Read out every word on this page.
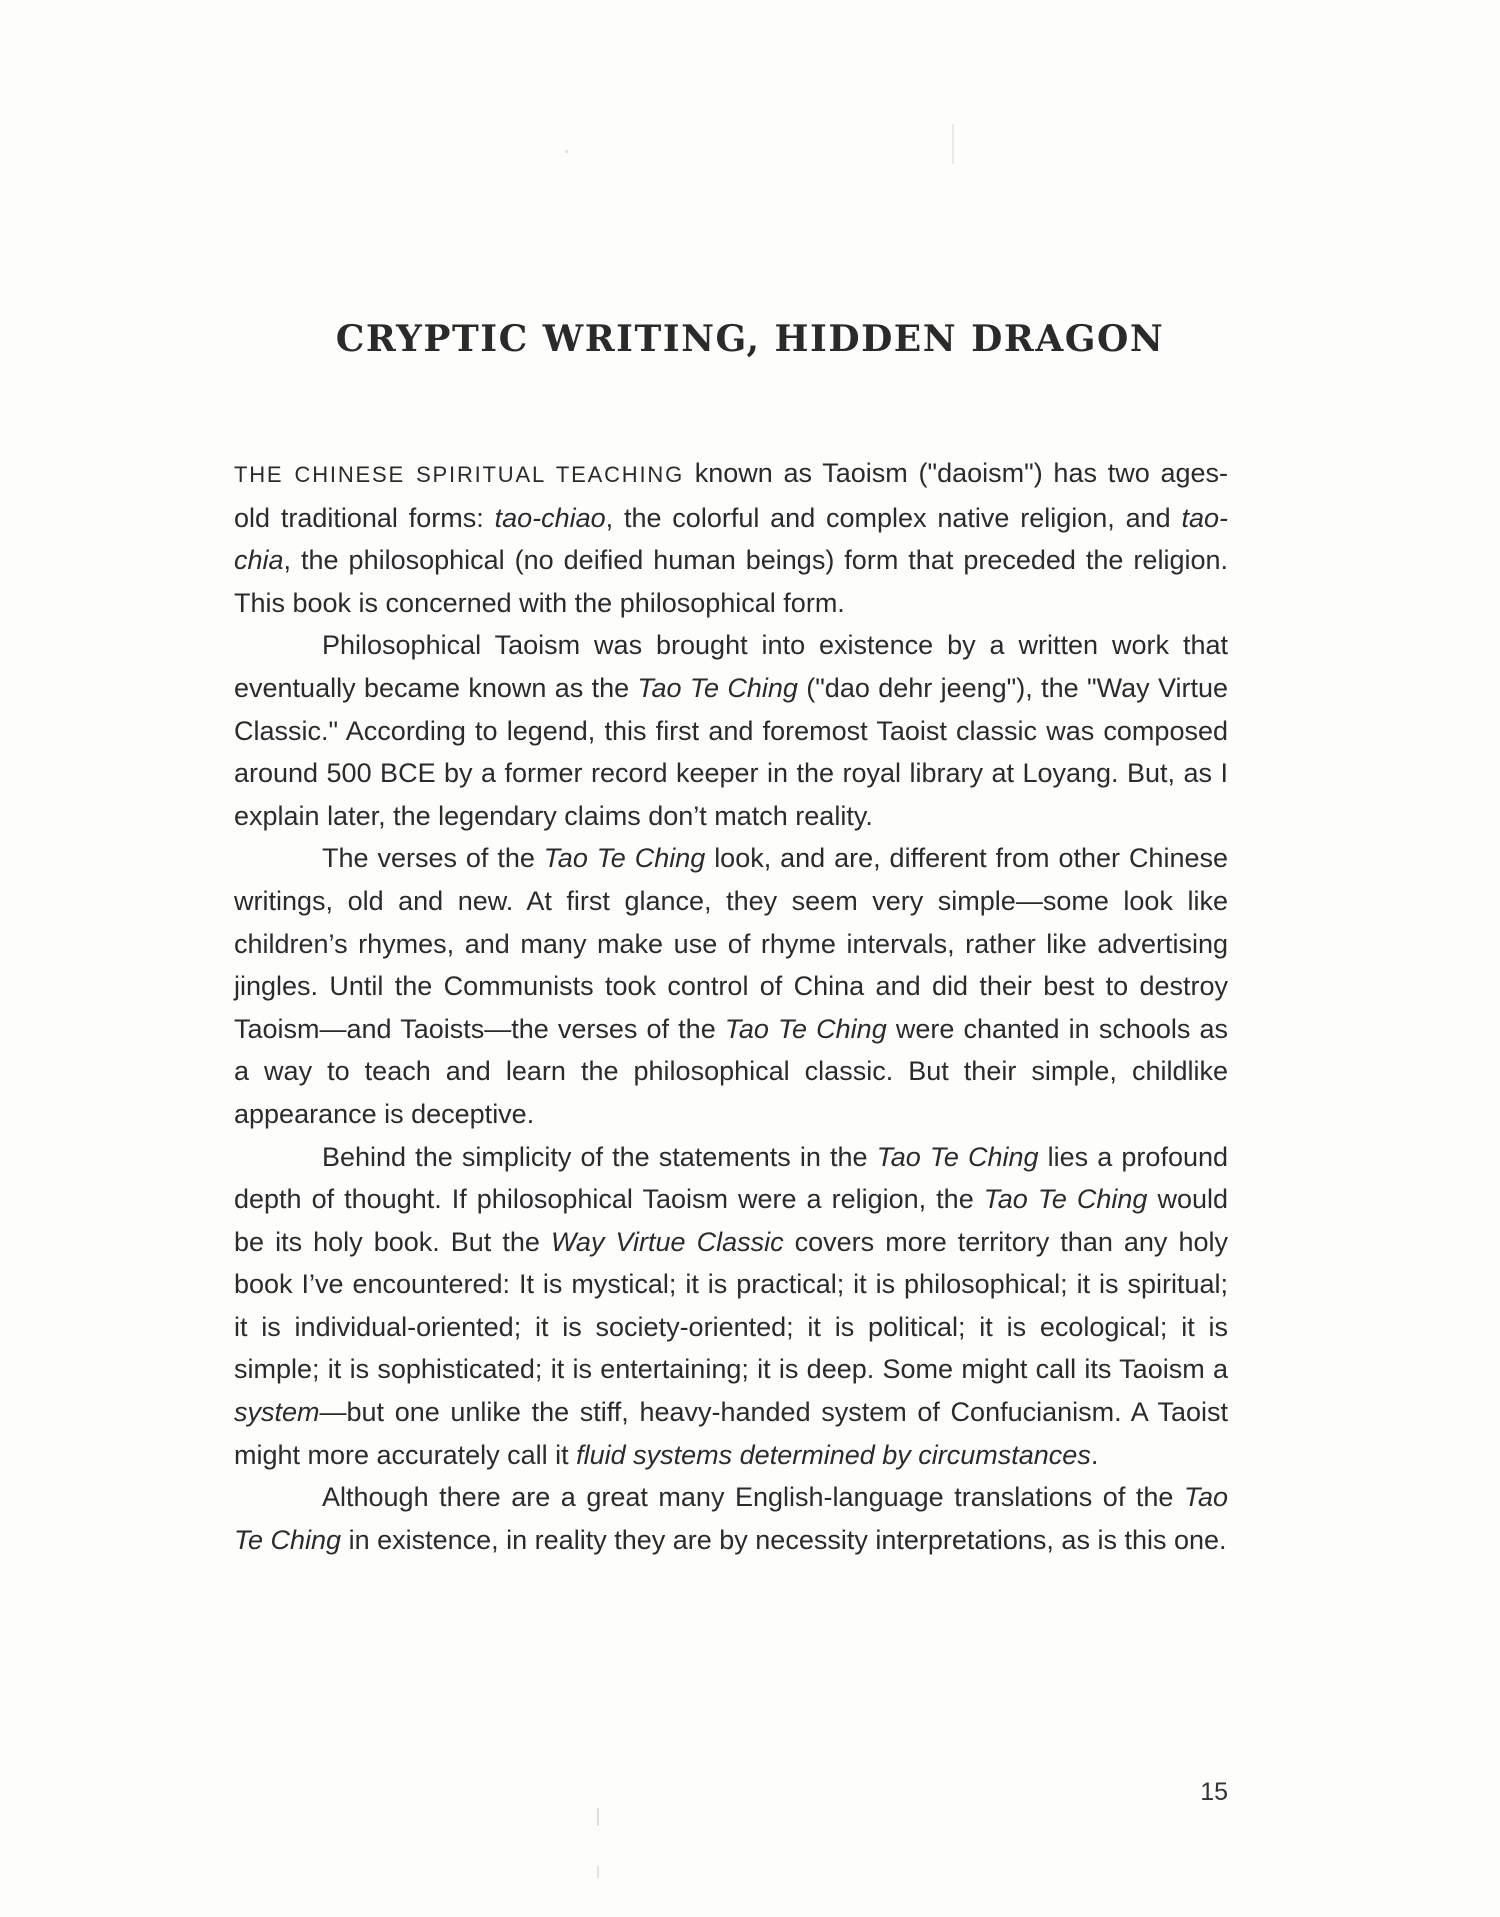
CRYPTIC WRITING, HIDDEN DRAGON

THE CHINESE SPIRITUAL TEACHING known as Taoism ("daoism") has two ages-old traditional forms: tao-chiao, the colorful and complex native religion, and tao-chia, the philosophical (no deified human beings) form that preceded the religion. This book is concerned with the philosophical form.

Philosophical Taoism was brought into existence by a written work that eventually became known as the Tao Te Ching ("dao dehr jeeng"), the "Way Virtue Classic." According to legend, this first and foremost Taoist classic was composed around 500 BCE by a former record keeper in the royal library at Loyang. But, as I explain later, the legendary claims don’t match reality.

The verses of the Tao Te Ching look, and are, different from other Chinese writings, old and new. At first glance, they seem very simple—some look like children’s rhymes, and many make use of rhyme intervals, rather like advertising jingles. Until the Communists took control of China and did their best to destroy Taoism—and Taoists—the verses of the Tao Te Ching were chanted in schools as a way to teach and learn the philosophical classic. But their simple, childlike appearance is deceptive.

Behind the simplicity of the statements in the Tao Te Ching lies a profound depth of thought. If philosophical Taoism were a religion, the Tao Te Ching would be its holy book. But the Way Virtue Classic covers more territory than any holy book I’ve encountered: It is mystical; it is practical; it is philosophical; it is spiritual; it is individual-oriented; it is society-oriented; it is political; it is ecological; it is simple; it is sophisticated; it is entertaining; it is deep. Some might call its Taoism a system—but one unlike the stiff, heavy-handed system of Confucianism. A Taoist might more accurately call it fluid systems determined by circumstances.

Although there are a great many English-language translations of the Tao Te Ching in existence, in reality they are by necessity interpretations, as is this one.

15
